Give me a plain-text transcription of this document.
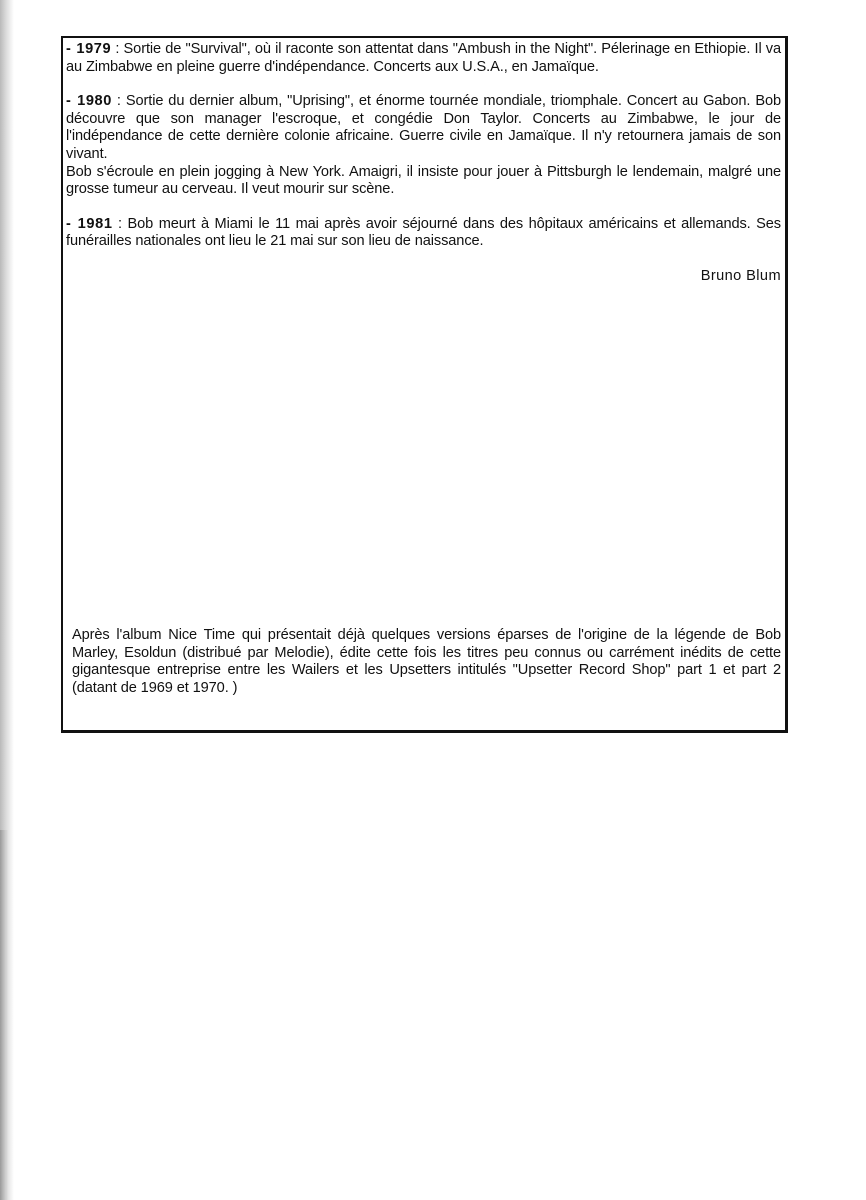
- 1979 : Sortie de "Survival", où il raconte son attentat dans "Ambush in the Night". Pélerinage en Ethiopie. Il va au Zimbabwe en pleine guerre d'indépendance. Concerts aux U.S.A., en Jamaïque.

- 1980 : Sortie du dernier album, "Uprising", et énorme tournée mondiale, triomphale. Concert au Gabon. Bob découvre que son manager l'escroque, et congédie Don Taylor. Concerts au Zimbabwe, le jour de l'indépendance de cette dernière colonie africaine. Guerre civile en Jamaïque. Il n'y retournera jamais de son vivant.
Bob s'écroule en plein jogging à New York. Amaigri, il insiste pour jouer à Pittsburgh le lendemain, malgré une grosse tumeur au cerveau. Il veut mourir sur scène.

- 1981 : Bob meurt à Miami le 11 mai après avoir séjourné dans des hôpitaux américains et allemands. Ses funérailles nationales ont lieu le 21 mai sur son lieu de naissance.

Bruno Blum

Après l'album Nice Time qui présentait déjà quelques versions éparses de l'origine de la légende de Bob Marley, Esoldun (distribué par Melodie), édite cette fois les titres peu connus ou carrément inédits de cette gigantesque entreprise entre les Wailers et les Upsetters intitulés "Upsetter Record Shop" part 1 et part 2 (datant de 1969 et 1970. )
